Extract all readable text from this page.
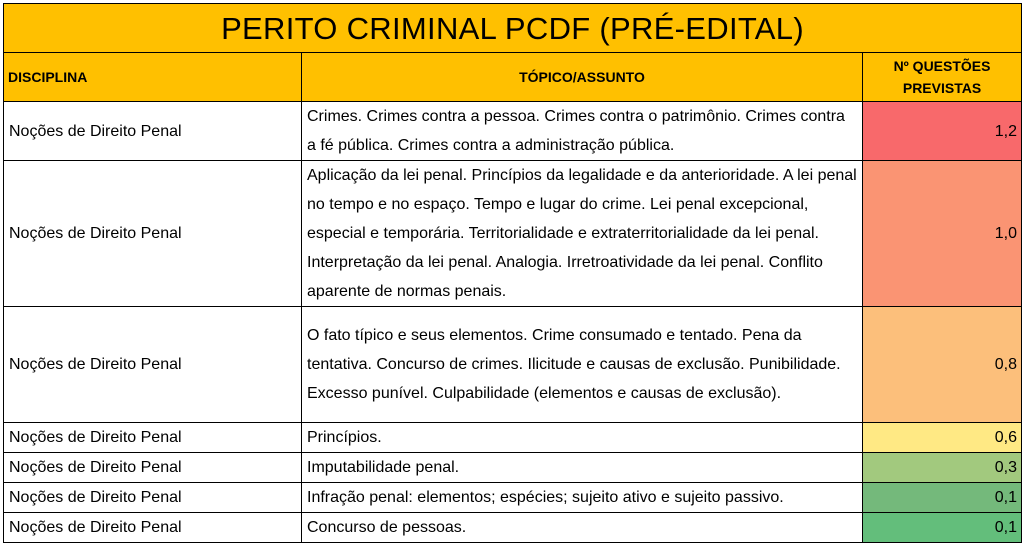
PERITO CRIMINAL PCDF (PRÉ-EDITAL)		
DISCIPLINA	TÓPICO/ASSUNTO	Nº QUESTÕES PREVISTAS
Noções de Direito Penal	Crimes. Crimes contra a pessoa. Crimes contra o patrimônio. Crimes contra a fé pública. Crimes contra a administração pública.	1,2
Noções de Direito Penal	Aplicação da lei penal. Princípios da legalidade e da anterioridade. A lei penal no tempo e no espaço. Tempo e lugar do crime. Lei penal excepcional, especial e temporária. Territorialidade e extraterritorialidade da lei penal. Interpretação da lei penal. Analogia. Irretroatividade da lei penal. Conflito aparente de normas penais.	1,0
Noções de Direito Penal	O fato típico e seus elementos. Crime consumado e tentado. Pena da tentativa. Concurso de crimes. Ilicitude e causas de exclusão. Punibilidade. Excesso punível. Culpabilidade (elementos e causas de exclusão).	0,8
Noções de Direito Penal	Princípios.	0,6
Noções de Direito Penal	Imputabilidade penal.	0,3
Noções de Direito Penal	Infração penal: elementos; espécies; sujeito ativo e sujeito passivo.	0,1
Noções de Direito Penal	Concurso de pessoas.	0,1
